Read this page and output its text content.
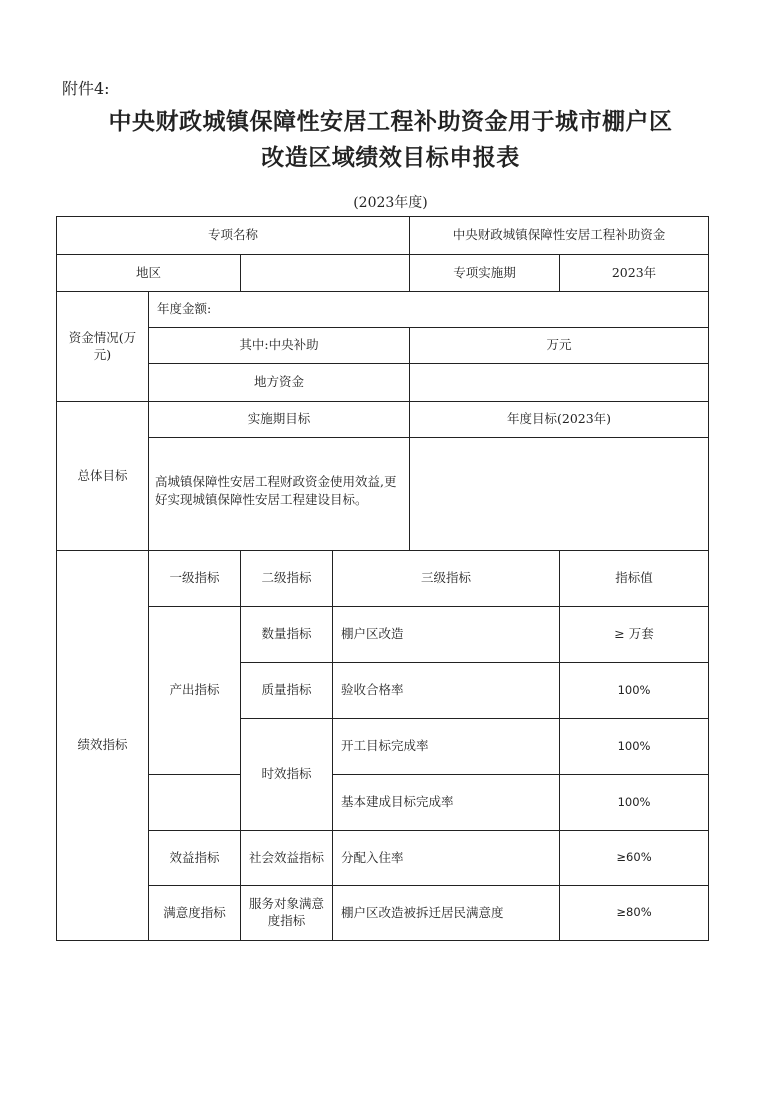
附件4:
中央财政城镇保障性安居工程补助资金用于城市棚户区
改造区域绩效目标申报表
(2023年度)
专项名称				中央财政城镇保障性安居工程补助资金	
地区				专项实施期	2023年
资金情况(万元)	年度金额:				
	其中:中央补助			万元	
	地方资金				
总体目标	实施期目标			年度目标(2023年)	
	高城镇保障性安居工程财政资金使用效益,更好实现城镇保障性安居工程建设目标。				
绩效指标	一级指标	二级指标	三级指标		指标值
	产出指标	数量指标	棚户区改造		≥ 万套
		质量指标	验收合格率		100%
		时效指标	开工目标完成率		100%
			基本建成目标完成率		100%
	效益指标	社会效益指标	分配入住率		≥60%
	满意度指标	服务对象满意度指标	棚户区改造被拆迁居民满意度		≥80%
